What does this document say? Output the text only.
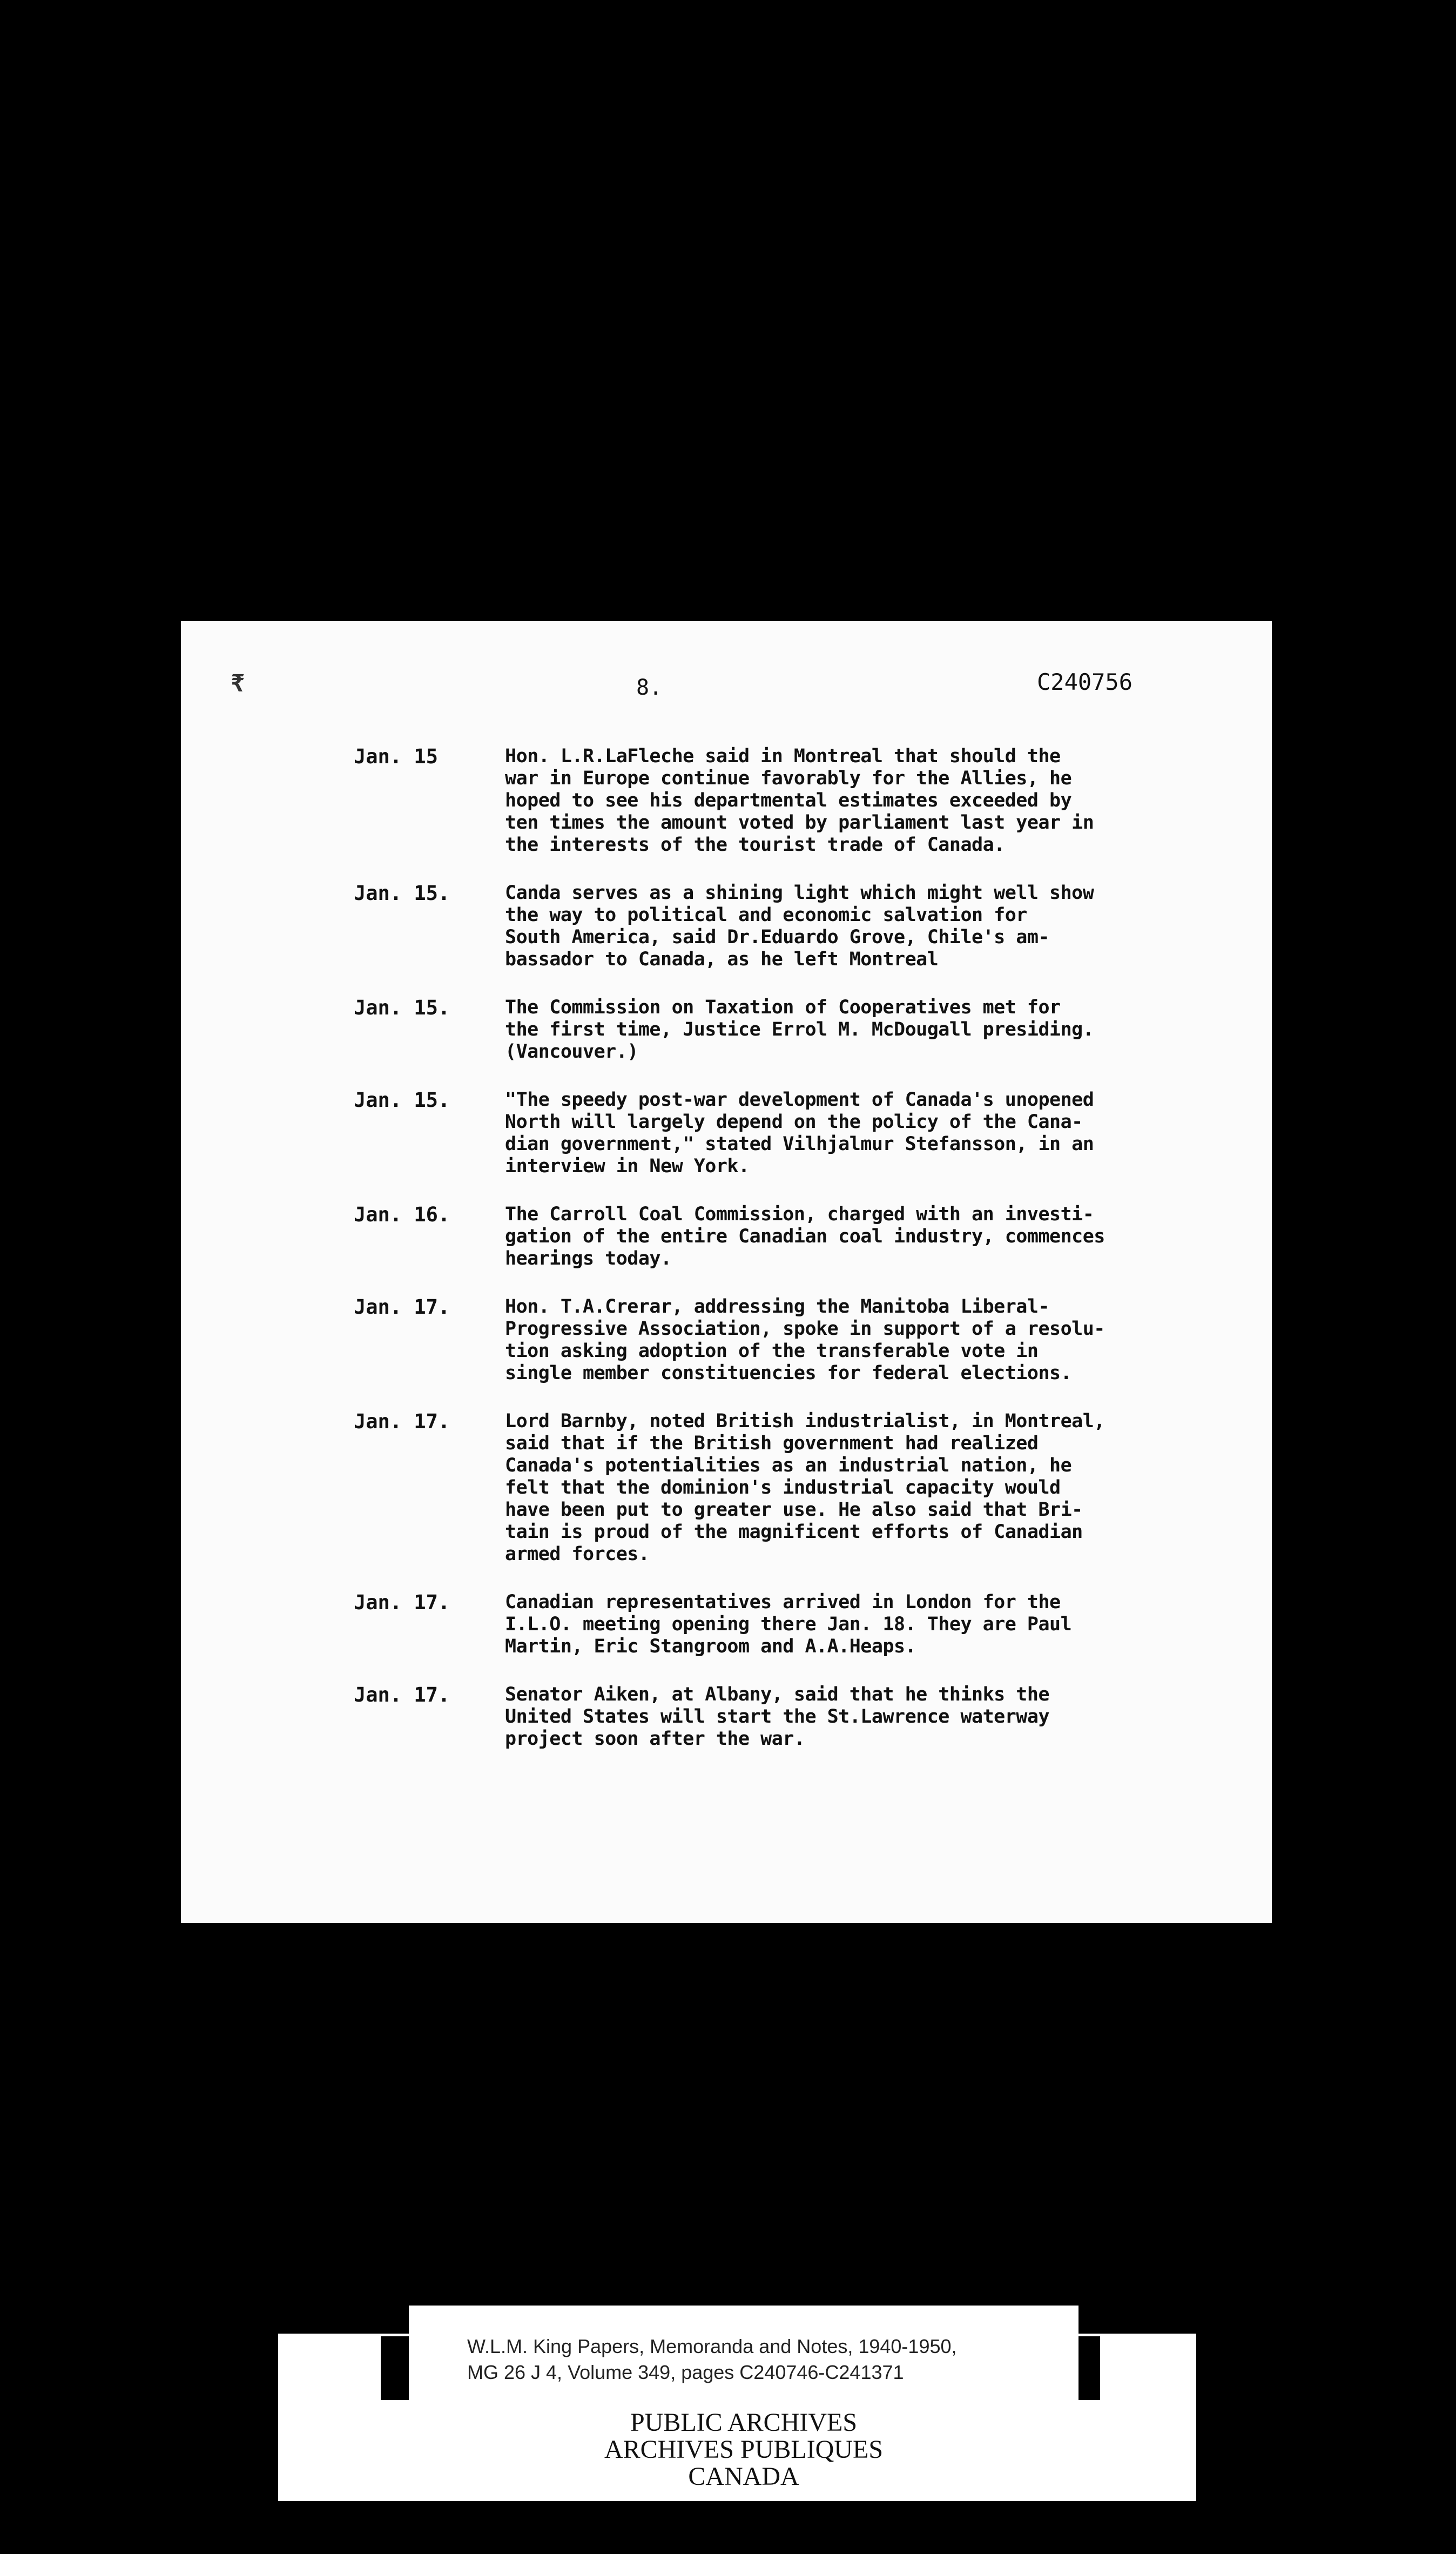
₹	8.	C240756
Jan. 15	Hon. L.R.LaFleche said in Montreal that should the
war in Europe continue favorably for the Allies, he
hoped to see his departmental estimates exceeded by
ten times the amount voted by parliament last year in
the interests of the tourist trade of Canada.
Jan. 15.	Canda serves as a shining light which might well show
the way to political and economic salvation for
South America, said Dr.Eduardo Grove, Chile's am-
bassador to Canada, as he left Montreal
Jan. 15.	The Commission on Taxation of Cooperatives met for
the first time, Justice Errol M. McDougall presiding.
(Vancouver.)
Jan. 15.	"The speedy post-war development of Canada's unopened
North will largely depend on the policy of the Cana-
dian government," stated Vilhjalmur Stefansson, in an
interview in New York.
Jan. 16.	The Carroll Coal Commission, charged with an investi-
gation of the entire Canadian coal industry, commences
hearings today.
Jan. 17.	Hon. T.A.Crerar, addressing the Manitoba Liberal-
Progressive Association, spoke in support of a resolu-
tion asking adoption of the transferable vote in
single member constituencies for federal elections.
Jan. 17.	Lord Barnby, noted British industrialist, in Montreal,
said that if the British government had realized
Canada's potentialities as an industrial nation, he
felt that the dominion's industrial capacity would
have been put to greater use. He also said that Bri-
tain is proud of the magnificent efforts of Canadian
armed forces.
Jan. 17.	Canadian representatives arrived in London for the
I.L.O. meeting opening there Jan. 18. They are Paul
Martin, Eric Stangroom and A.A.Heaps.
Jan. 17.	Senator Aiken, at Albany, said that he thinks the
United States will start the St.Lawrence waterway
project soon after the war.
W.L.M. King Papers, Memoranda and Notes, 1940-1950,
MG 26 J 4, Volume 349, pages C240746-C241371
PUBLIC ARCHIVES
ARCHIVES PUBLIQUES
CANADA
